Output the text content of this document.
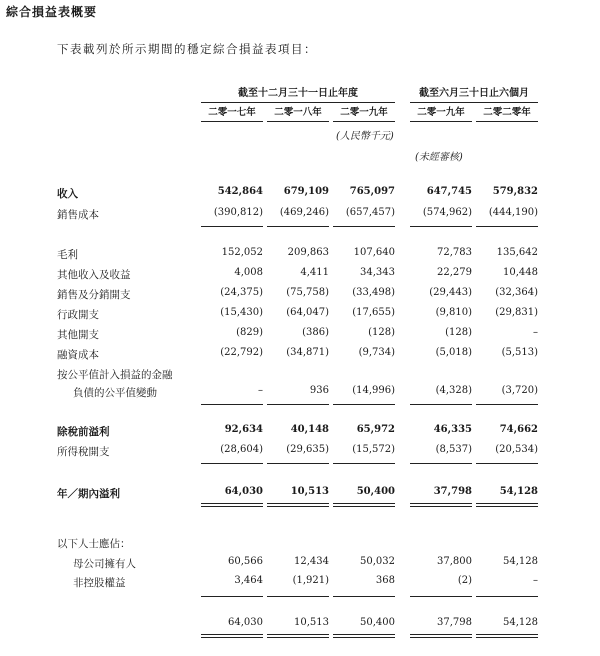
綜合損益表概要
下表載列於所示期間的穩定綜合損益表項目：
截至十二月三十一日止年度	截至六月三十日止六個月
二零一七年	二零一八年	二零一九年	二零一九年	二零二零年
(人民幣千元)
(未經審核)
收入	542,864	679,109	765,097	647,745	579,832
銷售成本	(390,812)	(469,246)	(657,457)	(574,962)	(444,190)
毛利	152,052	209,863	107,640	72,783	135,642
其他收入及收益	4,008	4,411	34,343	22,279	10,448
銷售及分銷開支	(24,375)	(75,758)	(33,498)	(29,443)	(32,364)
行政開支	(15,430)	(64,047)	(17,655)	(9,810)	(29,831)
其他開支	(829)	(386)	(128)	(128)	–
融資成本	(22,792)	(34,871)	(9,734)	(5,018)	(5,513)
按公平值計入損益的金融
負債的公平值變動	–	936	(14,996)	(4,328)	(3,720)
除稅前溢利	92,634	40,148	65,972	46,335	74,662
所得稅開支	(28,604)	(29,635)	(15,572)	(8,537)	(20,534)
年／期內溢利	64,030	10,513	50,400	37,798	54,128
以下人士應佔：
母公司擁有人	60,566	12,434	50,032	37,800	54,128
非控股權益	3,464	(1,921)	368	(2)	–
64,030	10,513	50,400	37,798	54,128
